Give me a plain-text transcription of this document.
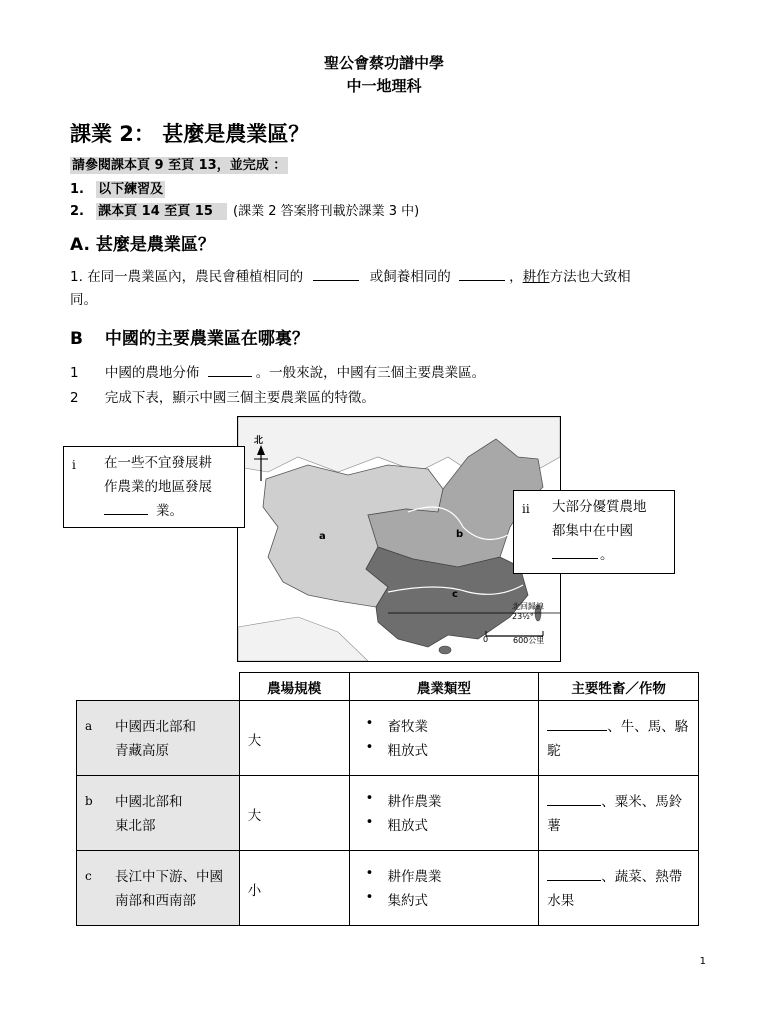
聖公會蔡功譜中學
中一地理科
課業 2： 甚麼是農業區？
請參閱課本頁 9 至頁 13，並完成 ：
1. 以下練習及
2. 課本頁 14 至頁 15 (課業 2 答案將刊載於課業 3 中)
A. 甚麼是農業區？
1. 在同一農業區內，農民會種植相同的	或飼養相同的	，耕作方法也大致相
同。
B 中國的主要農業區在哪裏？
1 中國的農地分佈	。一般來說，中國有三個主要農業區。
2 完成下表，顯示中國三個主要農業區的特徵。
北
a	b
c
北回歸線 23½°
0	600公里
i 在一些不宜發展耕
作農業的地區發展
業。	ii 大部分優質農地
都集中在中國
。
	農場規模	農業類型	主要牲畜／作物

a 中國西北部和
青藏高原	大	• 畜牧業
• 粗放式	、牛、馬、駱
駝

b 中國北部和
東北部	大	• 耕作農業
• 粗放式	、粟米、馬鈴
薯

c 長江中下游、中國
南部和西南部	小	• 耕作農業
• 集約式	、蔬菜、熱帶
水果
1
